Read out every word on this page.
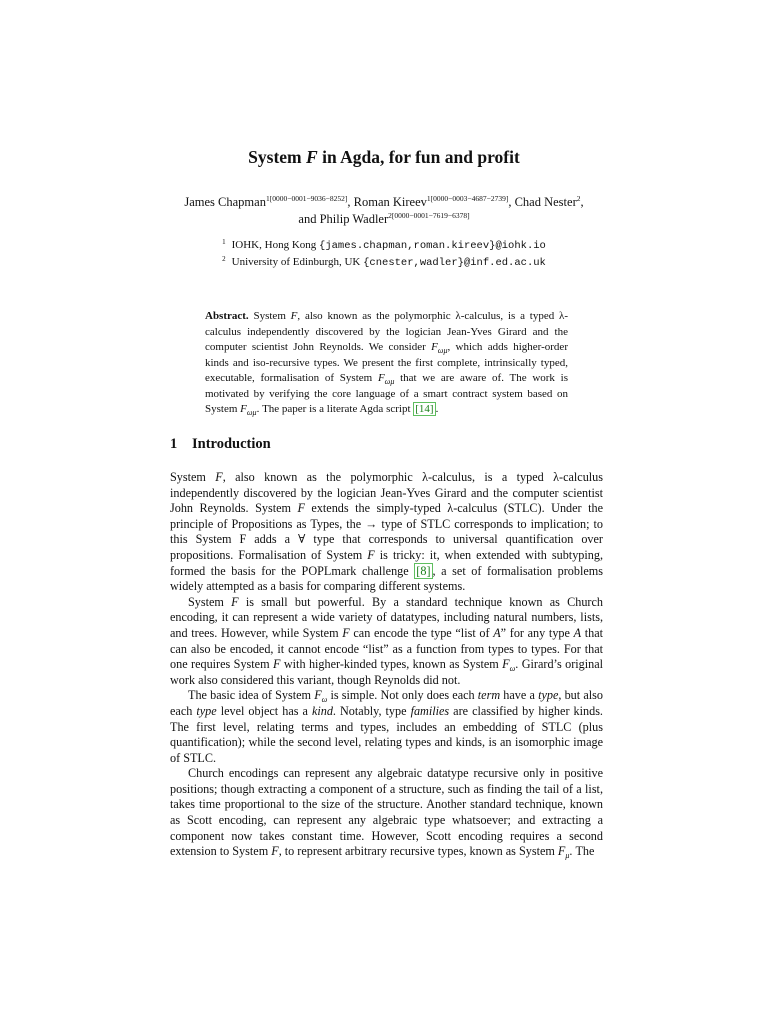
System F in Agda, for fun and profit
James Chapman$^{1[0000-0001-9036-8252]}$, Roman Kireev$^{1[0000-0003-4687-2739]}$, Chad Nester$^2$,
and Philip Wadler$^{2[0000-0001-7619-6378]}$
$^1$ IOHK, Hong Kong {james.chapman,roman.kireev}@iohk.io
$^2$ University of Edinburgh, UK {cnester,wadler}@inf.ed.ac.uk

Abstract. System F, also known as the polymorphic λ-calculus, is a typed λ-calculus independently discovered by the logician Jean-Yves Girard and the computer scientist John Reynolds. We consider $F_{\omega\mu}$, which adds higher-order kinds and iso-recursive types. We present the first complete, intrinsically typed, executable, formalisation of System $F_{\omega\mu}$ that we are aware of. The work is motivated by verifying the core language of a smart contract system based on System $F_{\omega\mu}$. The paper is a literate Agda script [14] .

1 Introduction

System F, also known as the polymorphic λ-calculus, is a typed λ-calculus independently discovered by the logician Jean-Yves Girard and the computer scientist John Reynolds. System F extends the simply-typed λ-calculus (STLC). Under the principle of Propositions as Types, the → type of STLC corresponds to implication; to this System F adds a ∀ type that corresponds to universal quantification over propositions. Formalisation of System F is tricky: it, when extended with subtyping, formed the basis for the POPLmark challenge [8] , a set of formalisation problems widely attempted as a basis for comparing different systems.

System F is small but powerful. By a standard technique known as Church encoding, it can represent a wide variety of datatypes, including natural numbers, lists, and trees. However, while System F can encode the type “list of A” for any type A that can also be encoded, it cannot encode “list” as a function from types to types. For that one requires System F with higher-kinded types, known as System $F_\omega$. Girard’s original work also considered this variant, though Reynolds did not.

The basic idea of System $F_\omega$ is simple. Not only does each term have a type, but also each type level object has a kind. Notably, type families are classified by higher kinds. The first level, relating terms and types, includes an embedding of STLC (plus quantification); while the second level, relating types and kinds, is an isomorphic image of STLC.

Church encodings can represent any algebraic datatype recursive only in positive positions; though extracting a component of a structure, such as finding the tail of a list, takes time proportional to the size of the structure. Another standard technique, known as Scott encoding, can represent any algebraic type whatsoever; and extracting a component now takes constant time. However, Scott encoding requires a second extension to System F, to represent arbitrary recursive types, known as System $F_\mu$. The
